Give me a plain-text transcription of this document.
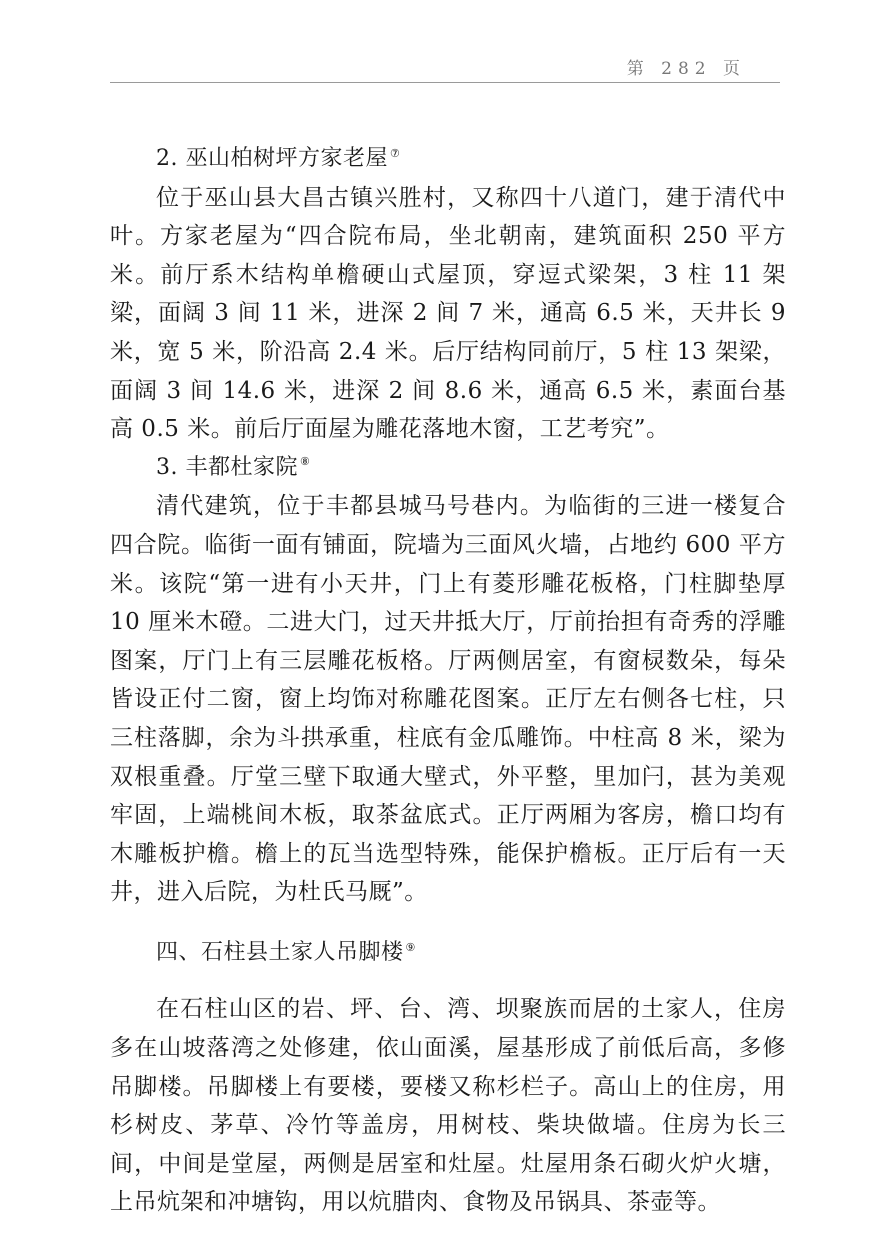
第 282 页

2. 巫山柏树坪方家老屋 ⑦

位于巫山县大昌古镇兴胜村，又称四十八道门，建于清代中叶。方家老屋为“四合院布局，坐北朝南，建筑面积 250 平方米。前厅系木结构单檐硬山式屋顶，穿逗式梁架，3 柱 11 架梁，面阔 3 间 11 米，进深 2 间 7 米，通高 6.5 米，天井长 9 米，宽 5 米，阶沿高 2.4 米。后厅结构同前厅，5 柱 13 架梁，面阔 3 间 14.6 米，进深 2 间 8.6 米，通高 6.5 米，素面台基高 0.5 米。前后厅面屋为雕花落地木窗，工艺考究”。

3. 丰都杜家院 ⑧

清代建筑，位于丰都县城马号巷内。为临街的三进一楼复合四合院。临街一面有铺面，院墙为三面风火墙，占地约 600 平方米。该院“第一进有小天井，门上有菱形雕花板格，门柱脚垫厚 10 厘米木磴。二进大门，过天井抵大厅，厅前抬担有奇秀的浮雕图案，厅门上有三层雕花板格。厅两侧居室，有窗棂数朵，每朵皆设正付二窗，窗上均饰对称雕花图案。正厅左右侧各七柱，只三柱落脚，余为斗拱承重，柱底有金瓜雕饰。中柱高 8 米，梁为双根重叠。厅堂三壁下取通大壁式，外平整，里加闩，甚为美观牢固，上端桃间木板，取茶盆底式。正厅两厢为客房，檐口均有木雕板护檐。檐上的瓦当选型特殊，能保护檐板。正厅后有一天井，进入后院，为杜氏马厩”。

四、石柱县土家人吊脚楼 ⑨

在石柱山区的岩、坪、台、湾、坝聚族而居的土家人，住房多在山坡落湾之处修建，依山面溪，屋基形成了前低后高，多修吊脚楼。吊脚楼上有要楼，要楼又称杉栏子。高山上的住房，用杉树皮、茅草、冷竹等盖房，用树枝、柴块做墙。住房为长三间，中间是堂屋，两侧是居室和灶屋。灶屋用条石砌火炉火塘，上吊炕架和冲塘钩，用以炕腊肉、食物及吊锅具、茶壶等。
